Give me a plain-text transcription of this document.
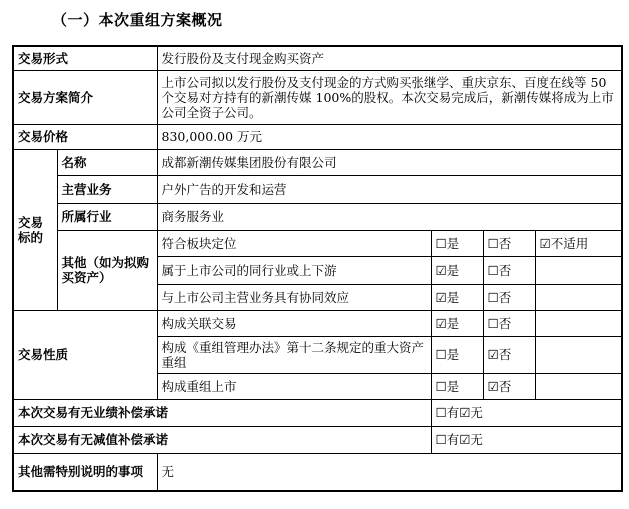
（一）本次重组方案概况
交易形式		发行股份及支付现金购买资产			
交易方案简介		上市公司拟以发行股份及支付现金的方式购买张继学、重庆京东、百度在线等 50 个交易对方持有的新潮传媒 100%的股权。本次交易完成后，新潮传媒将成为上市公司全资子公司。			
交易价格		830,000.00 万元			
交易标的	名称	成都新潮传媒集团股份有限公司			
	主营业务	户外广告的开发和运营			
	所属行业	商务服务业			
	其他（如为拟购买资产）	符合板块定位	☐是	☐否	☑不适用
		属于上市公司的同行业或上下游	☑是	☐否	
		与上市公司主营业务具有协同效应	☑是	☐否	
交易性质		构成关联交易	☑是	☐否	
		构成《重组管理办法》第十二条规定的重大资产重组	☐是	☑否	
		构成重组上市	☐是	☑否	
本次交易有无业绩补偿承诺			☐有☑无		
本次交易有无减值补偿承诺			☐有☑无		
其他需特别说明的事项		无			
